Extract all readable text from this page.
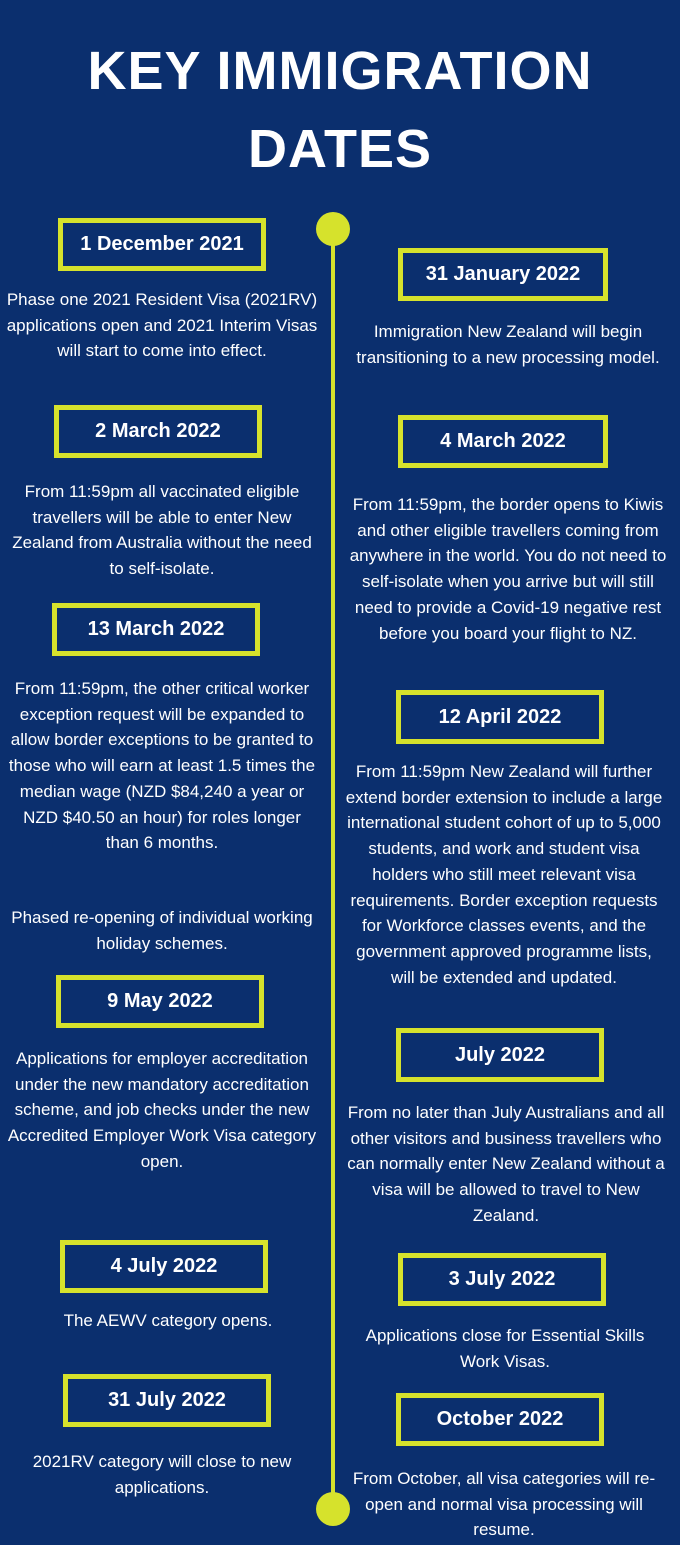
KEY IMMIGRATION
DATES
1 December 2021
Phase one 2021 Resident Visa (2021RV) applications open and 2021 Interim Visas will start to come into effect.
2 March 2022
From 11:59pm all vaccinated eligible travellers will be able to enter New Zealand from Australia without the need to self-isolate.
13 March 2022
From 11:59pm, the other critical worker exception request will be expanded to allow border exceptions to be granted to those who will earn at least 1.5 times the median wage (NZD $84,240 a year or NZD $40.50 an hour) for roles longer than 6 months.
Phased re-opening of individual working holiday schemes.
9 May 2022
Applications for employer accreditation under the new mandatory accreditation scheme, and job checks under the new Accredited Employer Work Visa category open.
4 July 2022
The AEWV category opens.
31 July 2022
2021RV category will close to new applications.
31 January 2022
Immigration New Zealand will begin transitioning to a new processing model.
4 March 2022
From 11:59pm, the border opens to Kiwis and other eligible travellers coming from anywhere in the world. You do not need to self-isolate when you arrive but will still need to provide a Covid-19 negative rest before you board your flight to NZ.
12 April 2022
From 11:59pm New Zealand will further extend border extension to include a large international student cohort of up to 5,000 students, and work and student visa holders who still meet relevant visa requirements. Border exception requests for Workforce classes events, and the government approved programme lists, will be extended and updated.
July 2022
From no later than July Australians and all other visitors and business travellers who can normally enter New Zealand without a visa will be allowed to travel to New Zealand.
3 July 2022
Applications close for Essential Skills Work Visas.
October 2022
From October, all visa categories will re-open and normal visa processing will resume.
